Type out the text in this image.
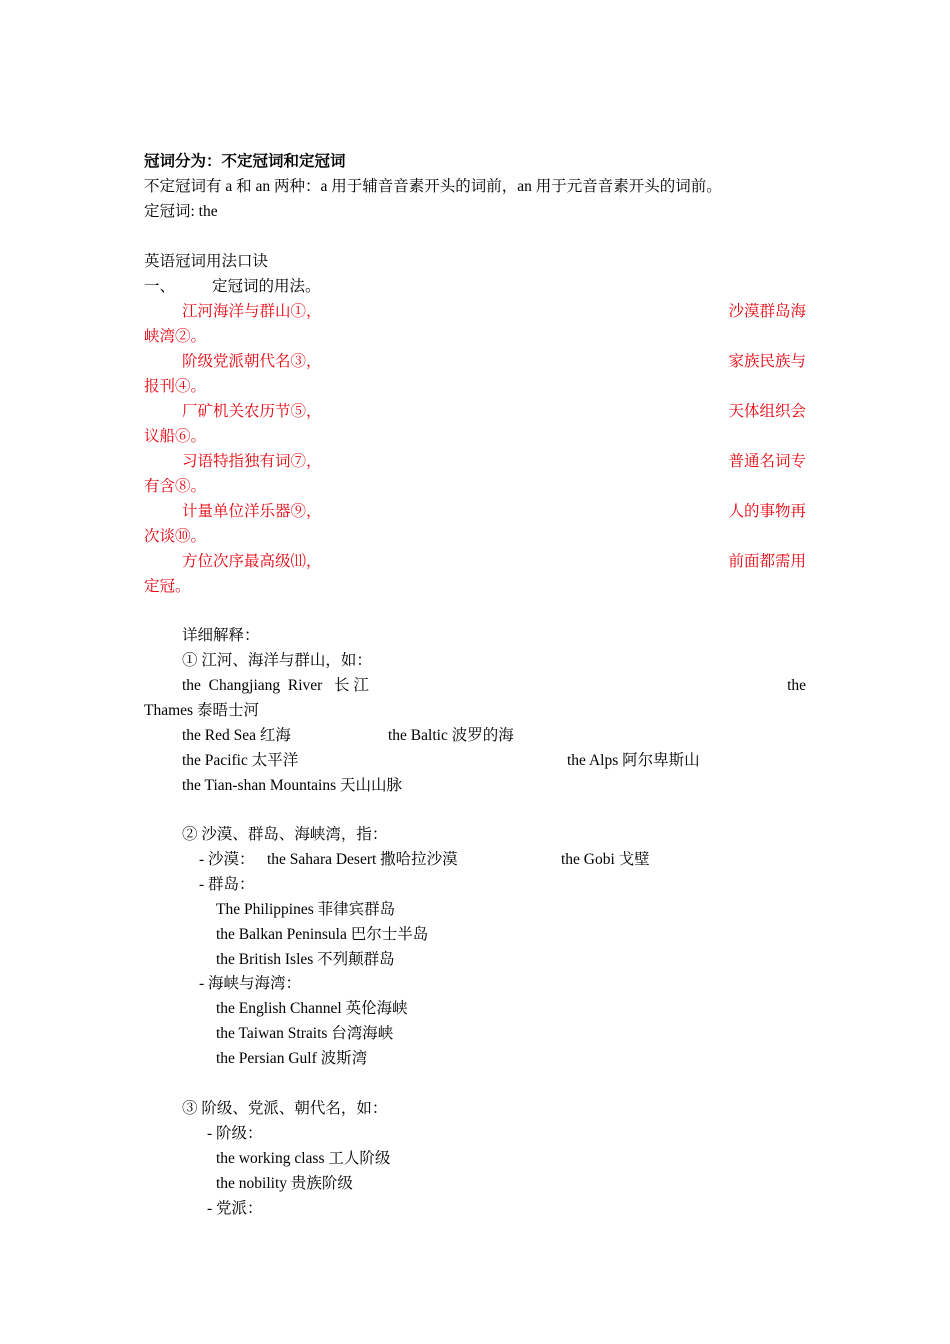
冠词分为：不定冠词和定冠词
不定冠词有 a 和 an 两种：a 用于辅音音素开头的词前，an 用于元音音素开头的词前。
定冠词: the
英语冠词用法口诀
一、 定冠词的用法。
江河海洋与群山①，	沙漠群岛海
峡湾②。
阶级党派朝代名③，	家族民族与
报刊④。
厂矿机关农历节⑤，	天体组织会
议船⑥。
习语特指独有词⑦，	普通名词专
有含⑧。
计量单位洋乐器⑨，	人的事物再
次谈⑩。
方位次序最高级⑾，	前面都需用
定冠。
详细解释：
① 江河、海洋与群山，如：
the  Changjiang  River   长 江	the
Thames 泰晤士河
the Red Sea 红海	the Baltic 波罗的海
the Pacific 太平洋	the Alps 阿尔卑斯山
the Tian-shan Mountains 天山山脉
② 沙漠、群岛、海峡湾，指：
- 沙漠： the Sahara Desert 撒哈拉沙漠	the Gobi 戈壁
- 群岛：
The Philippines 菲律宾群岛
the Balkan Peninsula 巴尔士半岛
the British Isles 不列颠群岛
- 海峡与海湾：
the English Channel 英伦海峡
the Taiwan Straits 台湾海峡
the Persian Gulf 波斯湾
③ 阶级、党派、朝代名，如：
- 阶级：
the working class 工人阶级
the nobility 贵族阶级
- 党派：
